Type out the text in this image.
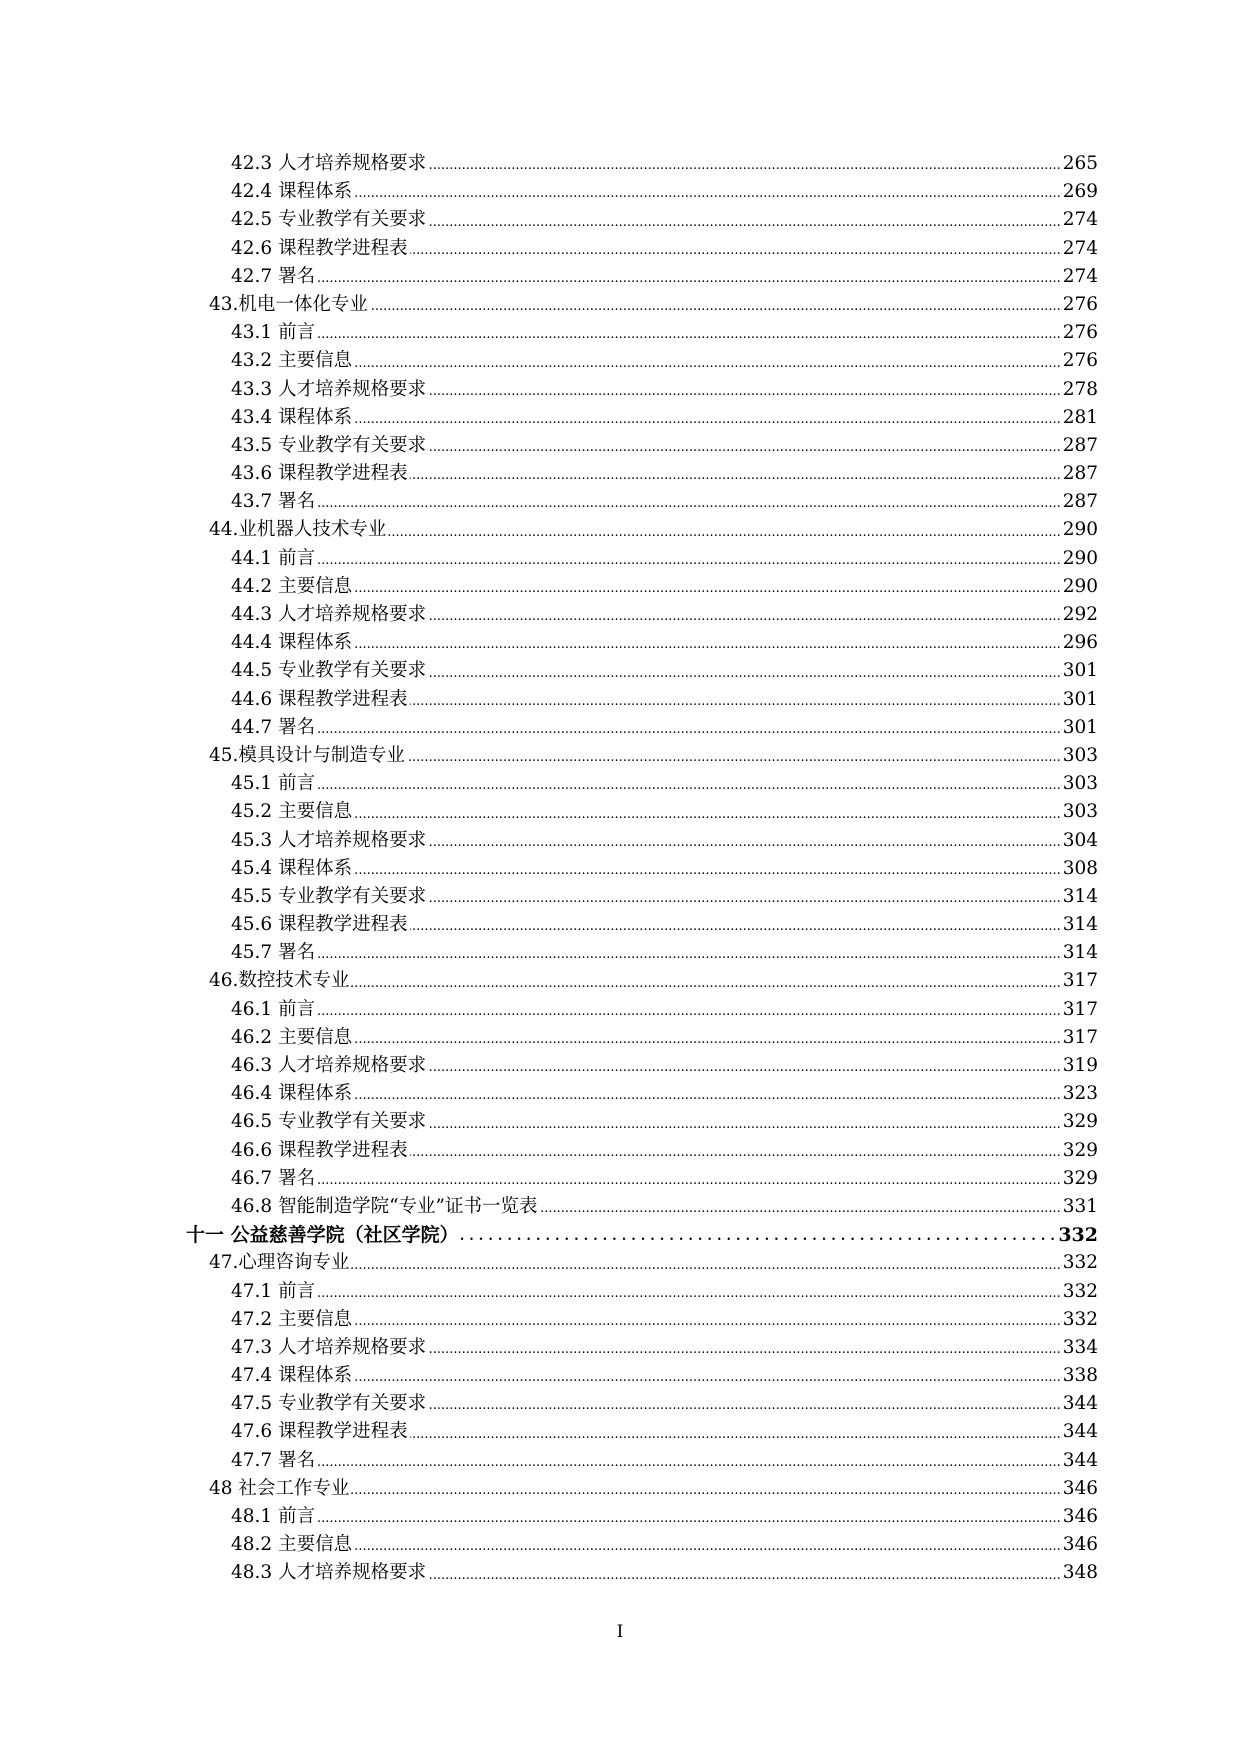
.....
42.3 人才培养规格要求	265
.....
42.4 课程体系	269
.....
42.5 专业教学有关要求	274
.....
42.6 课程教学进程表	274
.....
42.7 署名	274
.....
43.机电一体化专业	276
.....
43.1 前言	276
.....
43.2 主要信息	276
.....
43.3 人才培养规格要求	278
.....
43.4 课程体系	281
.....
43.5 专业教学有关要求	287
.....
43.6 课程教学进程表	287
.....
43.7 署名	287
.....
44.业机器人技术专业	290
.....
44.1 前言	290
.....
44.2 主要信息	290
.....
44.3 人才培养规格要求	292
.....
44.4 课程体系	296
.....
44.5 专业教学有关要求	301
.....
44.6 课程教学进程表	301
.....
44.7 署名	301
.....
45.模具设计与制造专业	303
.....
45.1 前言	303
.....
45.2 主要信息	303
.....
45.3 人才培养规格要求	304
.....
45.4 课程体系	308
.....
45.5 专业教学有关要求	314
.....
45.6 课程教学进程表	314
.....
45.7 署名	314
.....
46.数控技术专业	317
.....
46.1 前言	317
.....
46.2 主要信息	317
.....
46.3 人才培养规格要求	319
.....
46.4 课程体系	323
.....
46.5 专业教学有关要求	329
.....
46.6 课程教学进程表	329
.....
46.7 署名	329
.....
46.8 智能制造学院“专业”证书一览表	331
.....
十一 公益慈善学院（社区学院）	332
.....
47.心理咨询专业	332
.....
47.1 前言	332
.....
47.2 主要信息	332
.....
47.3 人才培养规格要求	334
.....
47.4 课程体系	338
.....
47.5 专业教学有关要求	344
.....
47.6 课程教学进程表	344
.....
47.7 署名	344
.....
48 社会工作专业	346
.....
48.1 前言	346
.....
48.2 主要信息	346
.....
48.3 人才培养规格要求	348
I
